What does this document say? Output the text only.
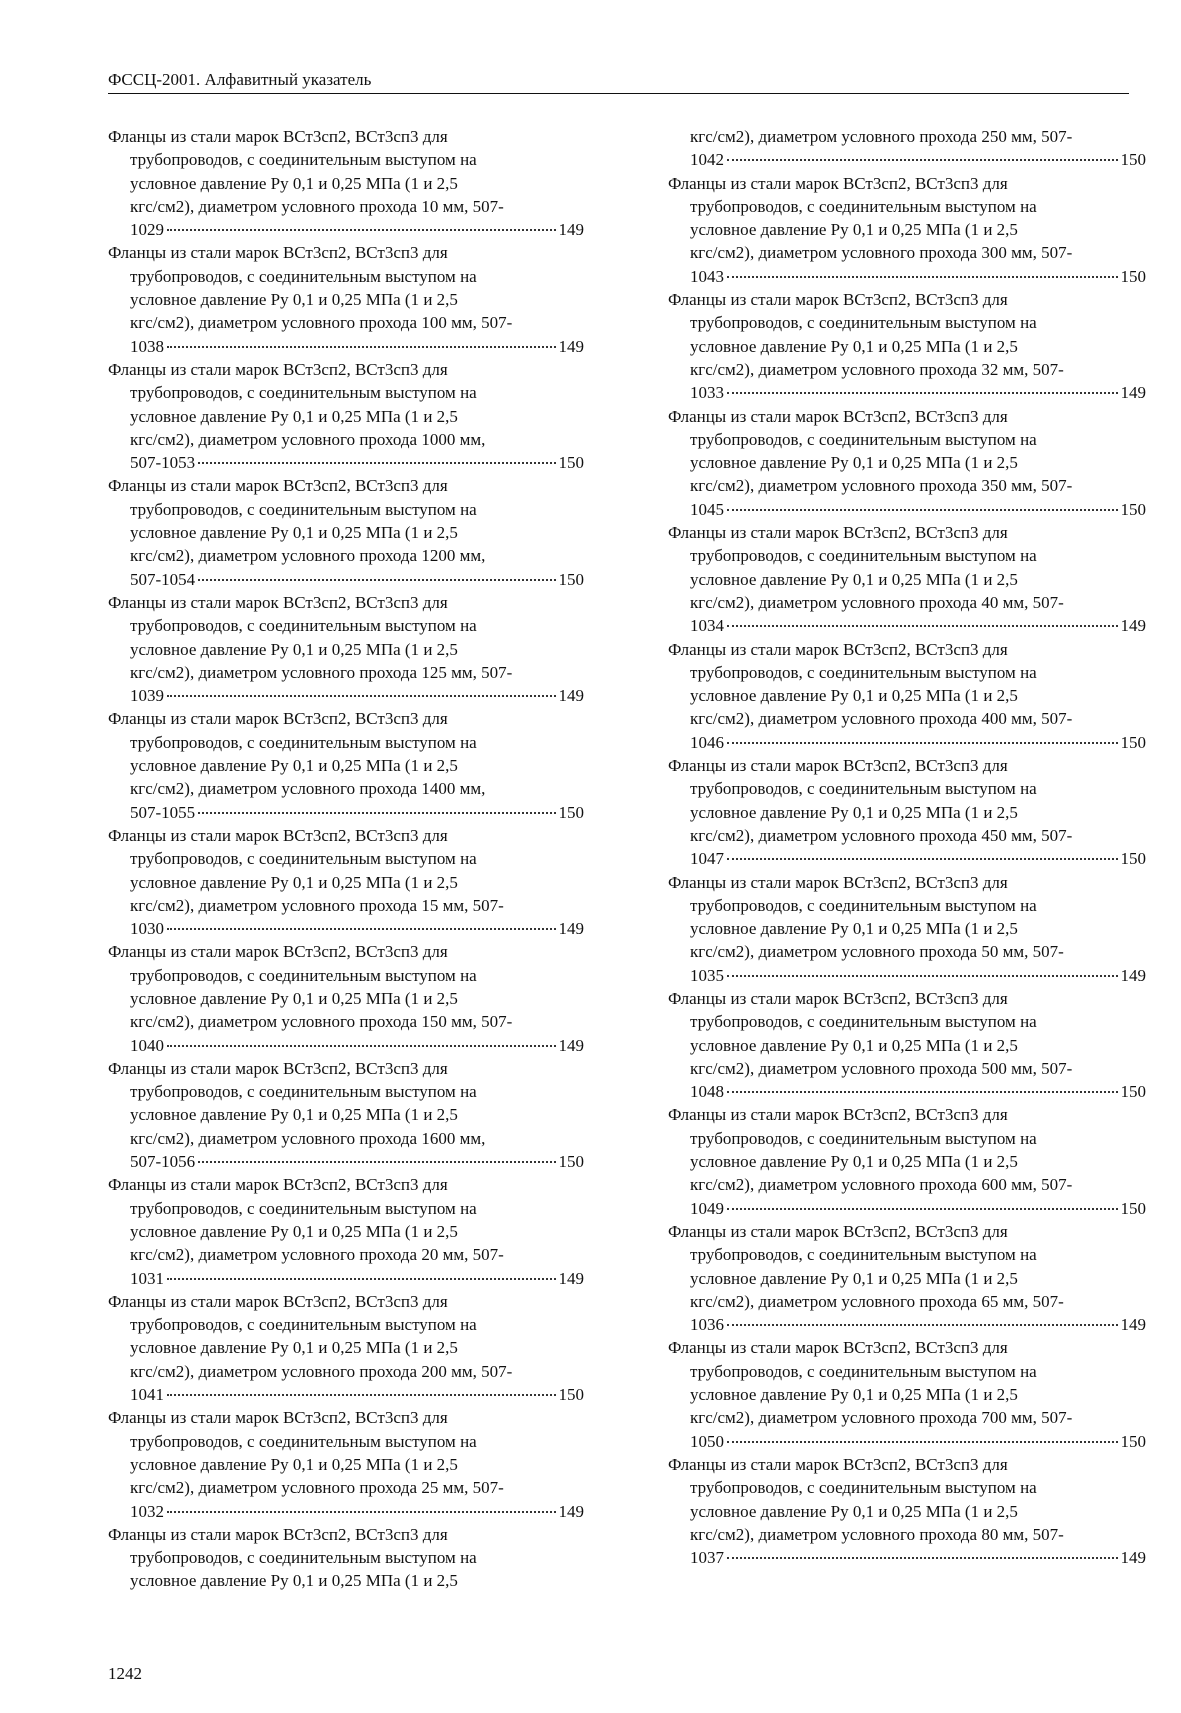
ФССЦ-2001. Алфавитный указатель
Фланцы из стали марок ВСт3сп2, ВСт3сп3 для
трубопроводов, с соединительным выступом на
условное давление Ру 0,1 и 0,25 МПа (1 и 2,5
кгс/см2), диаметром условного прохода 10 мм, 507-
1029	149
Фланцы из стали марок ВСт3сп2, ВСт3сп3 для
трубопроводов, с соединительным выступом на
условное давление Ру 0,1 и 0,25 МПа (1 и 2,5
кгс/см2), диаметром условного прохода 100 мм, 507-
1038	149
Фланцы из стали марок ВСт3сп2, ВСт3сп3 для
трубопроводов, с соединительным выступом на
условное давление Ру 0,1 и 0,25 МПа (1 и 2,5
кгс/см2), диаметром условного прохода 1000 мм,
507-1053	150
Фланцы из стали марок ВСт3сп2, ВСт3сп3 для
трубопроводов, с соединительным выступом на
условное давление Ру 0,1 и 0,25 МПа (1 и 2,5
кгс/см2), диаметром условного прохода 1200 мм,
507-1054	150
Фланцы из стали марок ВСт3сп2, ВСт3сп3 для
трубопроводов, с соединительным выступом на
условное давление Ру 0,1 и 0,25 МПа (1 и 2,5
кгс/см2), диаметром условного прохода 125 мм, 507-
1039	149
Фланцы из стали марок ВСт3сп2, ВСт3сп3 для
трубопроводов, с соединительным выступом на
условное давление Ру 0,1 и 0,25 МПа (1 и 2,5
кгс/см2), диаметром условного прохода 1400 мм,
507-1055	150
Фланцы из стали марок ВСт3сп2, ВСт3сп3 для
трубопроводов, с соединительным выступом на
условное давление Ру 0,1 и 0,25 МПа (1 и 2,5
кгс/см2), диаметром условного прохода 15 мм, 507-
1030	149
Фланцы из стали марок ВСт3сп2, ВСт3сп3 для
трубопроводов, с соединительным выступом на
условное давление Ру 0,1 и 0,25 МПа (1 и 2,5
кгс/см2), диаметром условного прохода 150 мм, 507-
1040	149
Фланцы из стали марок ВСт3сп2, ВСт3сп3 для
трубопроводов, с соединительным выступом на
условное давление Ру 0,1 и 0,25 МПа (1 и 2,5
кгс/см2), диаметром условного прохода 1600 мм,
507-1056	150
Фланцы из стали марок ВСт3сп2, ВСт3сп3 для
трубопроводов, с соединительным выступом на
условное давление Ру 0,1 и 0,25 МПа (1 и 2,5
кгс/см2), диаметром условного прохода 20 мм, 507-
1031	149
Фланцы из стали марок ВСт3сп2, ВСт3сп3 для
трубопроводов, с соединительным выступом на
условное давление Ру 0,1 и 0,25 МПа (1 и 2,5
кгс/см2), диаметром условного прохода 200 мм, 507-
1041	150
Фланцы из стали марок ВСт3сп2, ВСт3сп3 для
трубопроводов, с соединительным выступом на
условное давление Ру 0,1 и 0,25 МПа (1 и 2,5
кгс/см2), диаметром условного прохода 25 мм, 507-
1032	149
Фланцы из стали марок ВСт3сп2, ВСт3сп3 для
трубопроводов, с соединительным выступом на
условное давление Ру 0,1 и 0,25 МПа (1 и 2,5
кгс/см2), диаметром условного прохода 250 мм, 507-
1042	150
Фланцы из стали марок ВСт3сп2, ВСт3сп3 для
трубопроводов, с соединительным выступом на
условное давление Ру 0,1 и 0,25 МПа (1 и 2,5
кгс/см2), диаметром условного прохода 300 мм, 507-
1043	150
Фланцы из стали марок ВСт3сп2, ВСт3сп3 для
трубопроводов, с соединительным выступом на
условное давление Ру 0,1 и 0,25 МПа (1 и 2,5
кгс/см2), диаметром условного прохода 32 мм, 507-
1033	149
Фланцы из стали марок ВСт3сп2, ВСт3сп3 для
трубопроводов, с соединительным выступом на
условное давление Ру 0,1 и 0,25 МПа (1 и 2,5
кгс/см2), диаметром условного прохода 350 мм, 507-
1045	150
Фланцы из стали марок ВСт3сп2, ВСт3сп3 для
трубопроводов, с соединительным выступом на
условное давление Ру 0,1 и 0,25 МПа (1 и 2,5
кгс/см2), диаметром условного прохода 40 мм, 507-
1034	149
Фланцы из стали марок ВСт3сп2, ВСт3сп3 для
трубопроводов, с соединительным выступом на
условное давление Ру 0,1 и 0,25 МПа (1 и 2,5
кгс/см2), диаметром условного прохода 400 мм, 507-
1046	150
Фланцы из стали марок ВСт3сп2, ВСт3сп3 для
трубопроводов, с соединительным выступом на
условное давление Ру 0,1 и 0,25 МПа (1 и 2,5
кгс/см2), диаметром условного прохода 450 мм, 507-
1047	150
Фланцы из стали марок ВСт3сп2, ВСт3сп3 для
трубопроводов, с соединительным выступом на
условное давление Ру 0,1 и 0,25 МПа (1 и 2,5
кгс/см2), диаметром условного прохода 50 мм, 507-
1035	149
Фланцы из стали марок ВСт3сп2, ВСт3сп3 для
трубопроводов, с соединительным выступом на
условное давление Ру 0,1 и 0,25 МПа (1 и 2,5
кгс/см2), диаметром условного прохода 500 мм, 507-
1048	150
Фланцы из стали марок ВСт3сп2, ВСт3сп3 для
трубопроводов, с соединительным выступом на
условное давление Ру 0,1 и 0,25 МПа (1 и 2,5
кгс/см2), диаметром условного прохода 600 мм, 507-
1049	150
Фланцы из стали марок ВСт3сп2, ВСт3сп3 для
трубопроводов, с соединительным выступом на
условное давление Ру 0,1 и 0,25 МПа (1 и 2,5
кгс/см2), диаметром условного прохода 65 мм, 507-
1036	149
Фланцы из стали марок ВСт3сп2, ВСт3сп3 для
трубопроводов, с соединительным выступом на
условное давление Ру 0,1 и 0,25 МПа (1 и 2,5
кгс/см2), диаметром условного прохода 700 мм, 507-
1050	150
Фланцы из стали марок ВСт3сп2, ВСт3сп3 для
трубопроводов, с соединительным выступом на
условное давление Ру 0,1 и 0,25 МПа (1 и 2,5
кгс/см2), диаметром условного прохода 80 мм, 507-
1037	149
1242
